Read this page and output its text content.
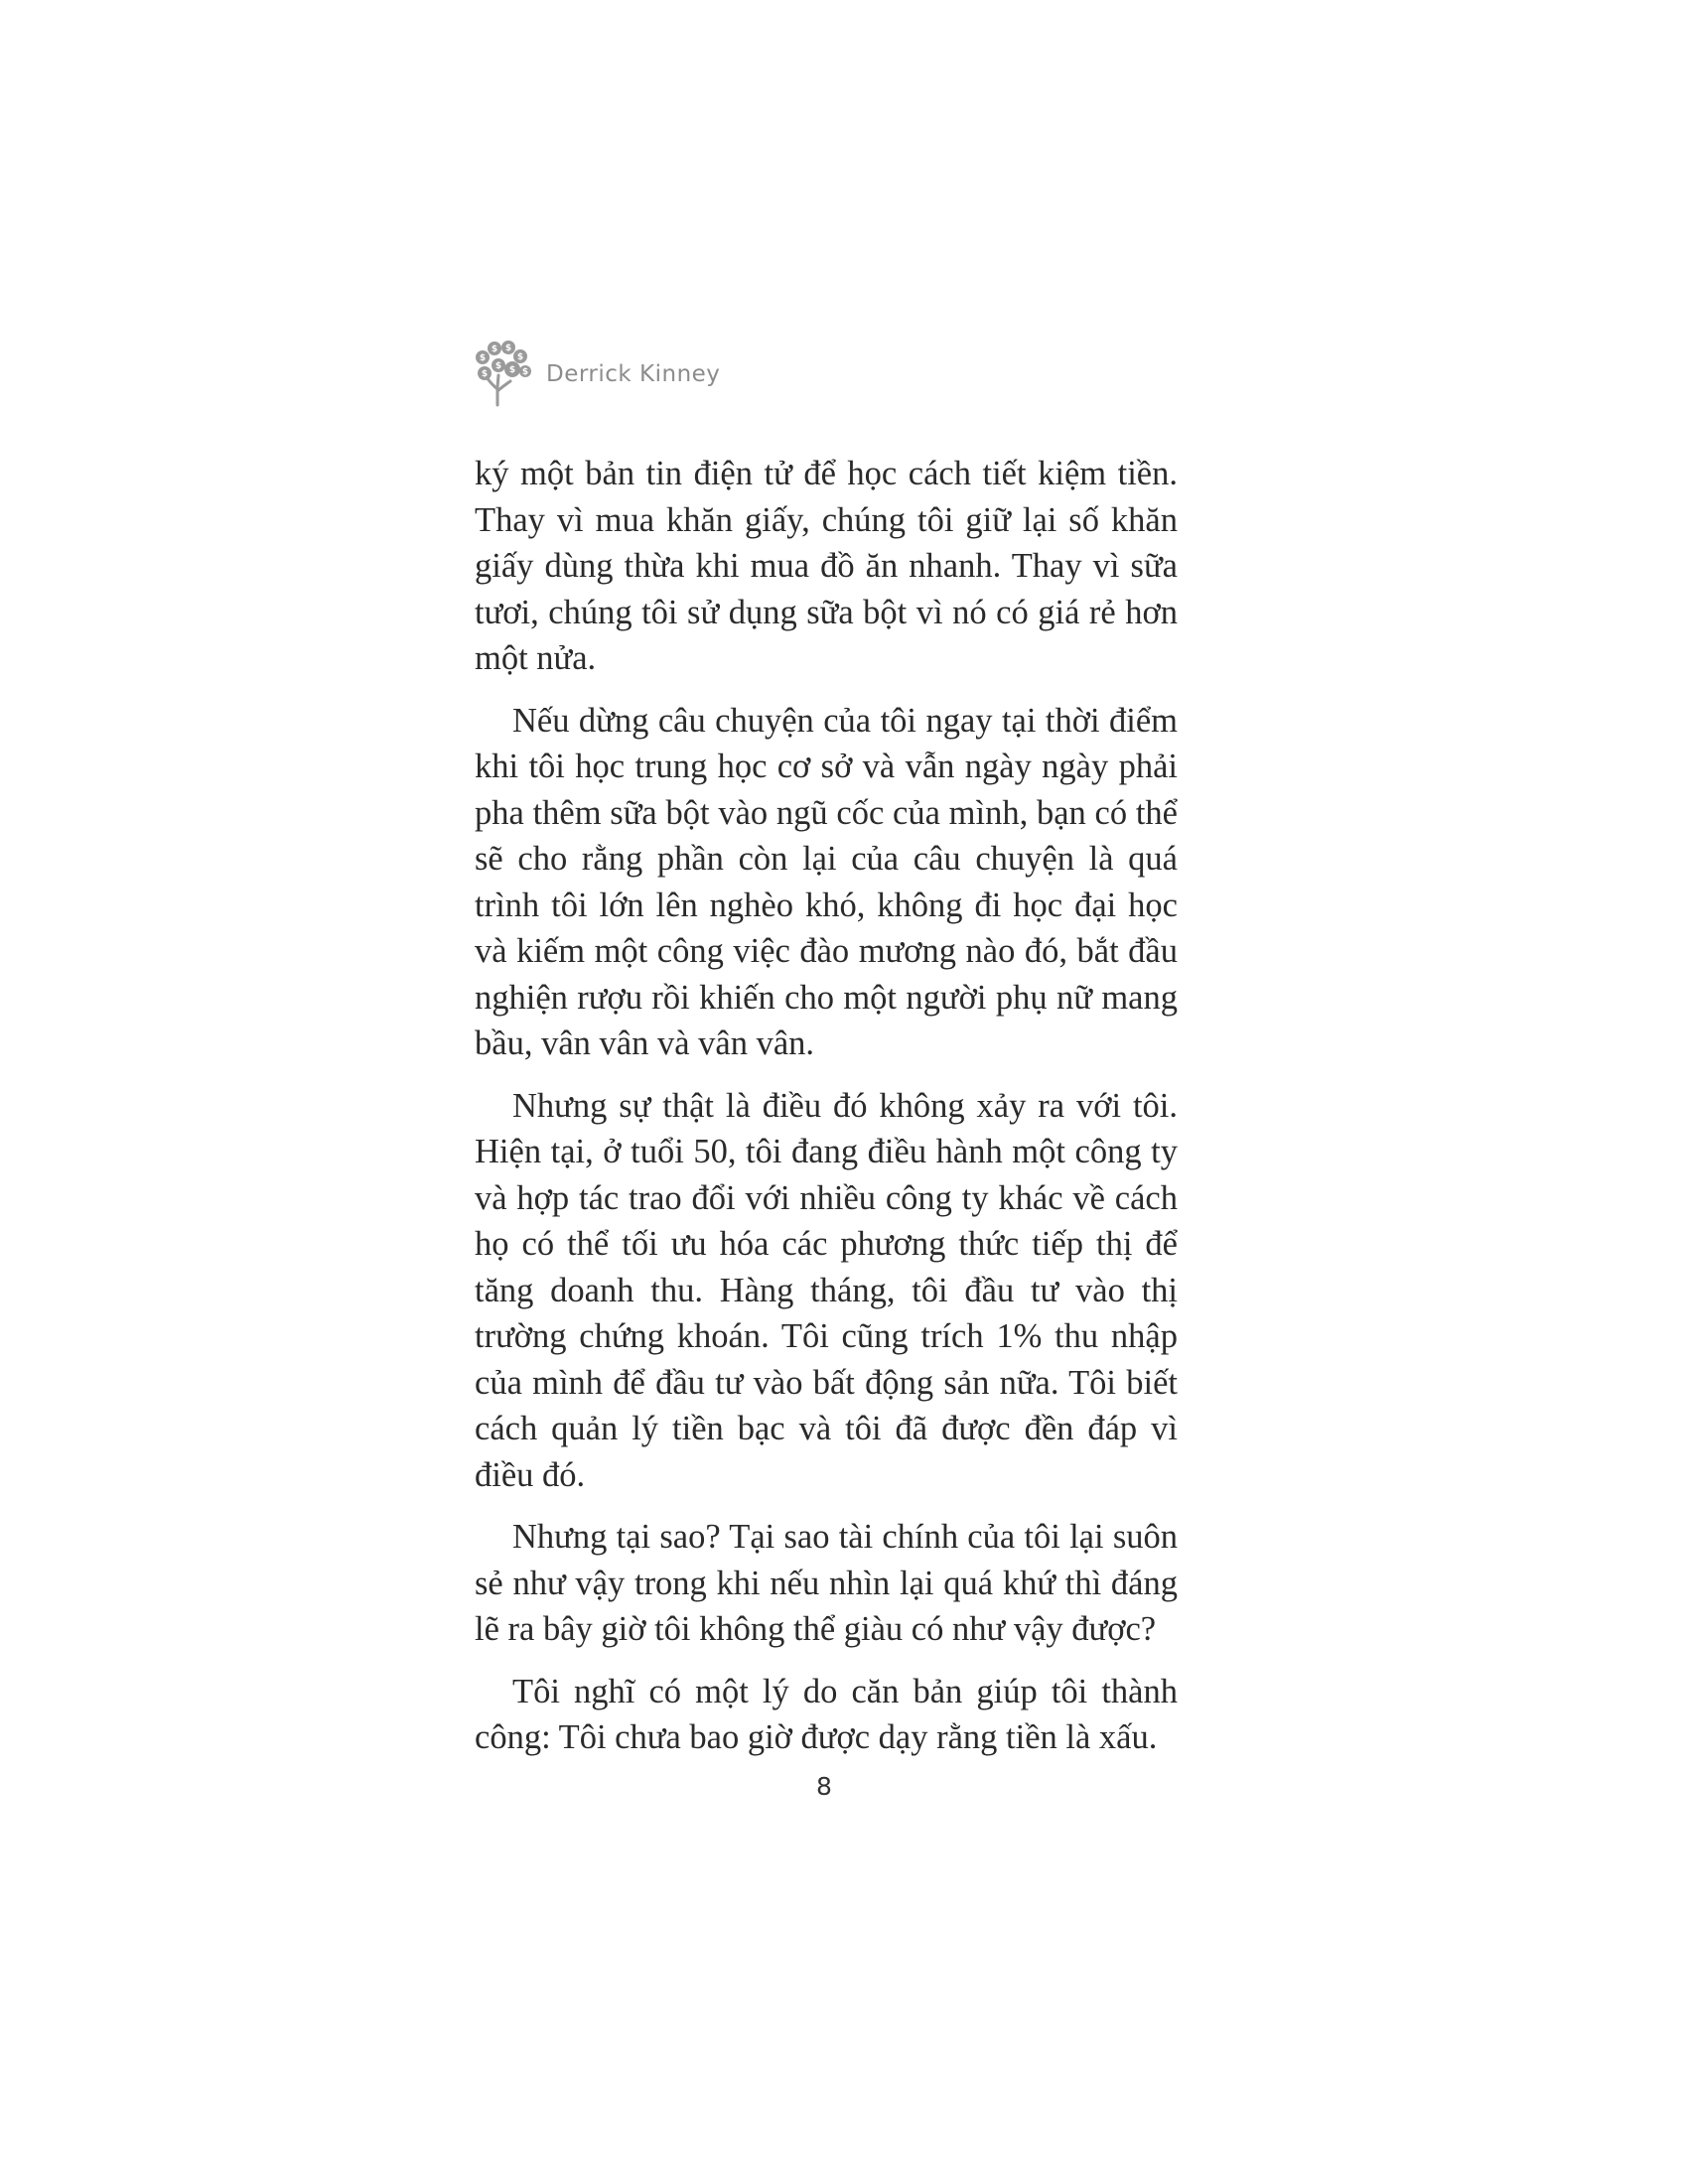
$
$ $
$
$
$ $ $ Derrick Kinney

ký một bản tin điện tử để học cách tiết kiệm tiền. Thay vì mua khăn giấy, chúng tôi giữ lại số khăn giấy dùng thừa khi mua đồ ăn nhanh. Thay vì sữa tươi, chúng tôi sử dụng sữa bột vì nó có giá rẻ hơn một nửa.

Nếu dừng câu chuyện của tôi ngay tại thời điểm khi tôi học trung học cơ sở và vẫn ngày ngày phải pha thêm sữa bột vào ngũ cốc của mình, bạn có thể sẽ cho rằng phần còn lại của câu chuyện là quá trình tôi lớn lên nghèo khó, không đi học đại học và kiếm một công việc đào mương nào đó, bắt đầu nghiện rượu rồi khiến cho một người phụ nữ mang bầu, vân vân và vân vân.

Nhưng sự thật là điều đó không xảy ra với tôi. Hiện tại, ở tuổi 50, tôi đang điều hành một công ty và hợp tác trao đổi với nhiều công ty khác về cách họ có thể tối ưu hóa các phương thức tiếp thị để tăng doanh thu. Hàng tháng, tôi đầu tư vào thị trường chứng khoán. Tôi cũng trích 1% thu nhập của mình để đầu tư vào bất động sản nữa. Tôi biết cách quản lý tiền bạc và tôi đã được đền đáp vì điều đó.

Nhưng tại sao? Tại sao tài chính của tôi lại suôn sẻ như vậy trong khi nếu nhìn lại quá khứ thì đáng lẽ ra bây giờ tôi không thể giàu có như vậy được?

Tôi nghĩ có một lý do căn bản giúp tôi thành công: Tôi chưa bao giờ được dạy rằng tiền là xấu.

8
